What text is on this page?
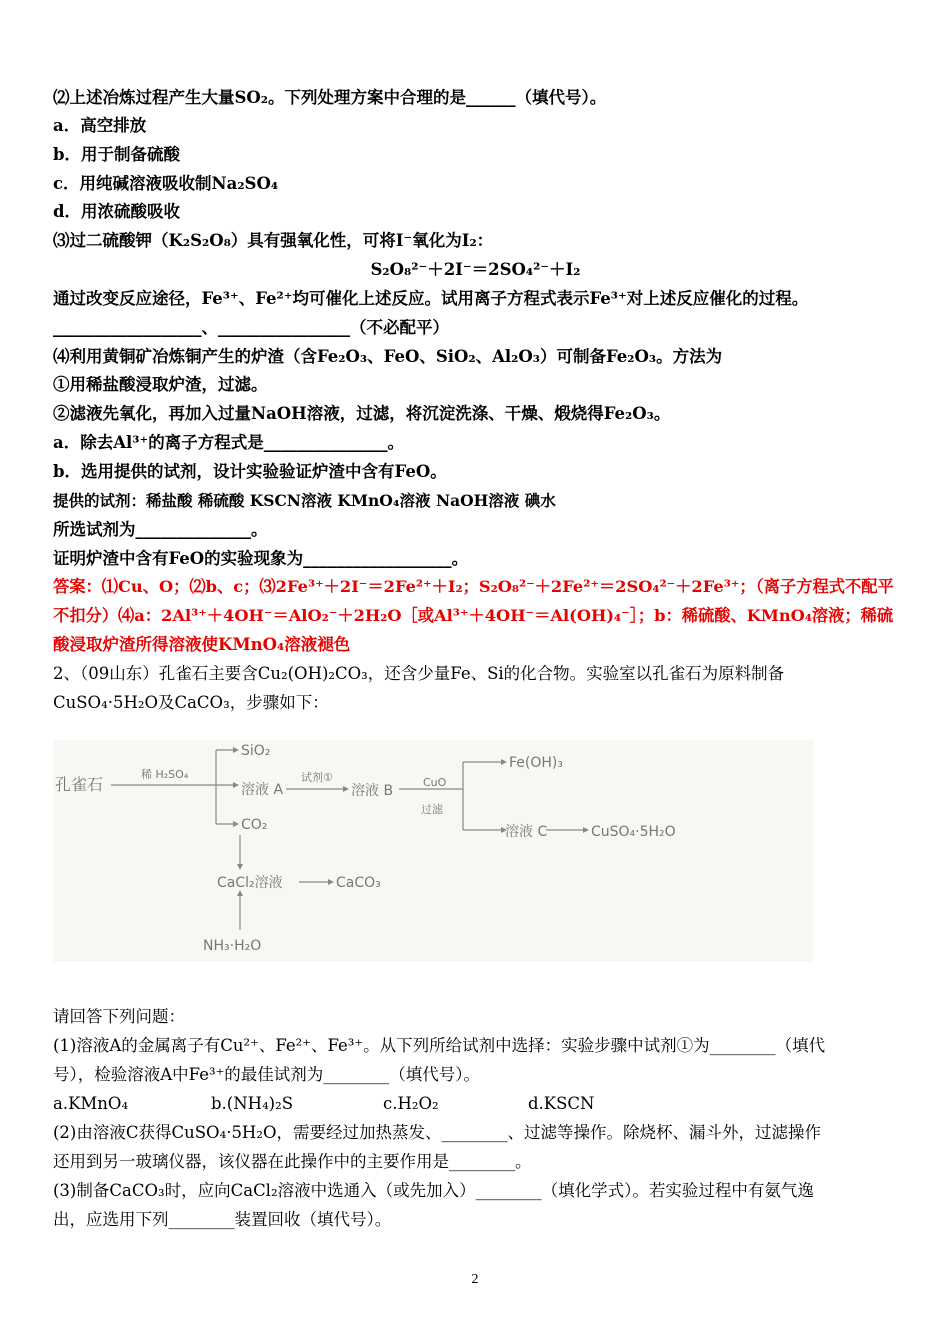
⑵上述冶炼过程产生大量SO₂。下列处理方案中合理的是______（填代号）。
a．高空排放
b．用于制备硫酸
c．用纯碱溶液吸收制Na₂SO₄
d．用浓硫酸吸收
⑶过二硫酸钾（K₂S₂O₈）具有强氧化性，可将I⁻氧化为I₂：
S₂O₈²⁻＋2I⁻＝2SO₄²⁻＋I₂
通过改变反应途径，Fe³⁺、Fe²⁺均可催化上述反应。试用离子方程式表示Fe³⁺对上述反应催化的过程。
__________________、________________（不必配平）
⑷利用黄铜矿冶炼铜产生的炉渣（含Fe₂O₃、FeO、SiO₂、Al₂O₃）可制备Fe₂O₃。方法为
①用稀盐酸浸取炉渣，过滤。
②滤液先氧化，再加入过量NaOH溶液，过滤，将沉淀洗涤、干燥、煅烧得Fe₂O₃。
a．除去Al³⁺的离子方程式是_______________。
b．选用提供的试剂，设计实验验证炉渣中含有FeO。
提供的试剂：稀盐酸 稀硫酸 KSCN溶液 KMnO₄溶液 NaOH溶液 碘水
所选试剂为______________。
证明炉渣中含有FeO的实验现象为__________________。
答案：⑴Cu、O；⑵b、c；⑶2Fe³⁺＋2I⁻＝2Fe²⁺＋I₂；S₂O₈²⁻＋2Fe²⁺＝2SO₄²⁻＋2Fe³⁺；（离子方程式不配平
不扣分）⑷a：2Al³⁺＋4OH⁻＝AlO₂⁻＋2H₂O［或Al³⁺＋4OH⁻＝Al(OH)₄⁻］；b：稀硫酸、KMnO₄溶液；稀硫
酸浸取炉渣所得溶液使KMnO₄溶液褪色
2、（09山东）孔雀石主要含Cu₂(OH)₂CO₃，还含少量Fe、Si的化合物。实验室以孔雀石为原料制备
CuSO₄·5H₂O及CaCO₃，步骤如下：
孔雀石
稀 H₂SO₄
SiO₂
溶液 A
试剂①
溶液 B
CuO
过滤
Fe(OH)₃
溶液 C	CuSO₄·5H₂O
CO₂
CaCl₂溶液	CaCO₃
NH₃·H₂O
请回答下列问题：
(1)溶液A的金属离子有Cu²⁺、Fe²⁺、Fe³⁺。从下列所给试剂中选择：实验步骤中试剂①为________（填代
号），检验溶液A中Fe³⁺的最佳试剂为________（填代号）。
a.KMnO₄	b.(NH₄)₂S	c.H₂O₂	d.KSCN
(2)由溶液C获得CuSO₄·5H₂O，需要经过加热蒸发、________、过滤等操作。除烧杯、漏斗外，过滤操作
还用到另一玻璃仪器，该仪器在此操作中的主要作用是________。
(3)制备CaCO₃时，应向CaCl₂溶液中选通入（或先加入）________（填化学式）。若实验过程中有氨气逸
出，应选用下列________装置回收（填代号）。
2
